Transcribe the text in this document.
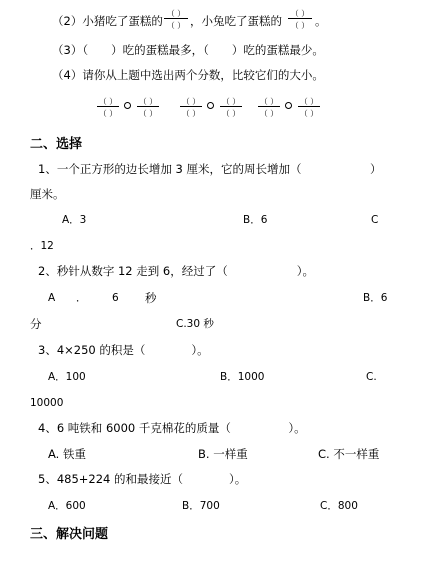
（2）小猪吃了蛋糕的
（ ）
（ ） ，小兔吃了蛋糕的
（ ）
（ ） 。
（3）（　　）吃的蛋糕最多，（　　）吃的蛋糕最少。
（4）请你从上题中选出两个分数，比较它们的大小。
（ ）
（ ）
（ ）
（ ）
（ ）
（ ）
（ ）
（ ）
（ ）
（ ）
（ ）
（ ）
二、选择
1、一个正方形的边长增加 3 厘米，它的周长增加（	）
厘米。
A．3	B．6	C
．12
2、秒针从数字 12 走到 6，经过了（　　　　　　）。
A ． 6 秒	B．6
分	C.30 秒
3、4×250 的积是（　　　　）。
A．100	B．1000	C.
10000
4、6 吨铁和 6000 千克棉花的质量（　　　　　）。
A. 铁重	B. 一样重	C. 不一样重
5、485+224 的和最接近（　　　　）。
A．600	B．700	C．800
三、解决问题
